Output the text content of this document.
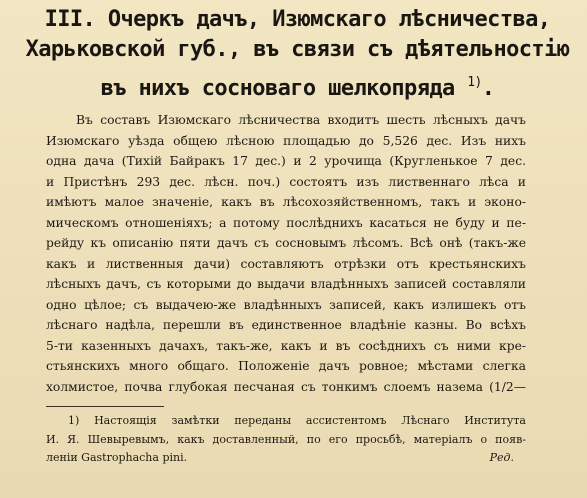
III. Очеркъ дачъ, Изюмскаго лѣсничества,
Харьковской губ., въ связи съ дѣятельностію
въ нихъ сосноваго шелкопряда $^{1)}$.
Въ составъ Изюмскаго лѣсничества входитъ шесть лѣсныхъ дачъ
Изюмскаго уѣзда общею лѣсною площадью до 5,526 дес. Изъ нихъ
одна дача (Тихій Байракъ 17 дес.) и 2 урочища (Кругленькое 7 дес.
и Пристѣнъ 293 дес. лѣсн. поч.) состоятъ изъ лиственнаго лѣса и
имѣютъ малое значеніе, какъ въ лѣсохозяйственномъ, такъ и эконо-
мическомъ отношеніяхъ; а потому послѣднихъ касаться не буду и пе-
рейду къ описанію пяти дачъ съ сосновымъ лѣсомъ. Всѣ онѣ (такъ-же
какъ и лиственныя дачи) составляютъ отрѣзки отъ крестьянскихъ
лѣсныхъ дачъ, съ которыми до выдачи владѣнныхъ записей составляли
одно цѣлое; съ выдачею-же владѣнныхъ записей, какъ излишекъ отъ
лѣснаго надѣла, перешли въ единственное владѣніе казны. Во всѣхъ
5-ти казенныхъ дачахъ, такъ-же, какъ и въ сосѣднихъ съ ними кре-
стьянскихъ много общаго. Положеніе дачъ ровное; мѣстами слегка
холмистое, почва глубокая песчаная съ тонкимъ слоемъ назема (1/2—
1) Настоящія замѣтки переданы ассистентомъ Лѣснаго Института
И. Я. Шевыревымъ, какъ доставленный, по его просьбѣ, матеріалъ о появ-
леніи Gastrophacha pini.	Ред.
